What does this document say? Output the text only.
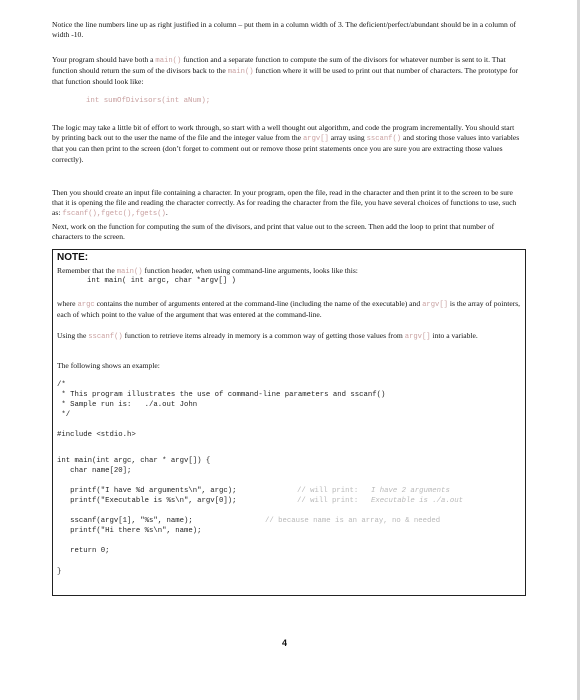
Notice the line numbers line up as right justified in a column – put them in a column width of 3. The deficient/perfect/abundant should be in a column of width -10.

Your program should have both a main() function and a separate function to compute the sum of the divisors for whatever number is sent to it. That function should return the sum of the divisors back to the main() function where it will be used to print out that number of characters. The prototype for that function should look like:

int sumOfDivisors(int aNum);

The logic may take a little bit of effort to work through, so start with a well thought out algorithm, and code the program incrementally. You should start by printing back out to the user the name of the file and the integer value from the argv[] array using sscanf() and storing those values into variables that you can then print to the screen (don’t forget to comment out or remove those print statements once you are sure you are extracting those values correctly).

Then you should create an input file containing a character. In your program, open the file, read in the character and then print it to the screen to be sure that it is opening the file and reading the character correctly. As for reading the character from the file, you have several choices of functions to use, such as: fscanf(),fgetc(),fgets().

Next, work on the function for computing the sum of the divisors, and print that value out to the screen. Then add the loop to print that number of characters to the screen.

NOTE:

Remember that the main() function header, when using command-line arguments, looks like this:

int main( int argc, char *argv[] )

where argc contains the number of arguments entered at the command-line (including the name of the executable) and argv[] is the array of pointers, each of which point to the value of the argument that was entered at the command-line.

Using the sscanf() function to retrieve items already in memory is a common way of getting those values from argv[] into a variable.

The following shows an example:

/*
* This program illustrates the use of command-line parameters and sscanf()
* Sample run is:   ./a.out John
*/
#include <stdio.h>
int main(int argc, char * argv[]) {
char name[20];
printf("I have %d arguments\n", argc);	// will print: I have 2 arguments
printf("Executable is %s\n", argv[0]);	// will print: Executable is ./a.out
sscanf(argv[1], "%s", name);	// because name is an array, no & needed
printf("Hi there %s\n", name);
return 0;
}
4
